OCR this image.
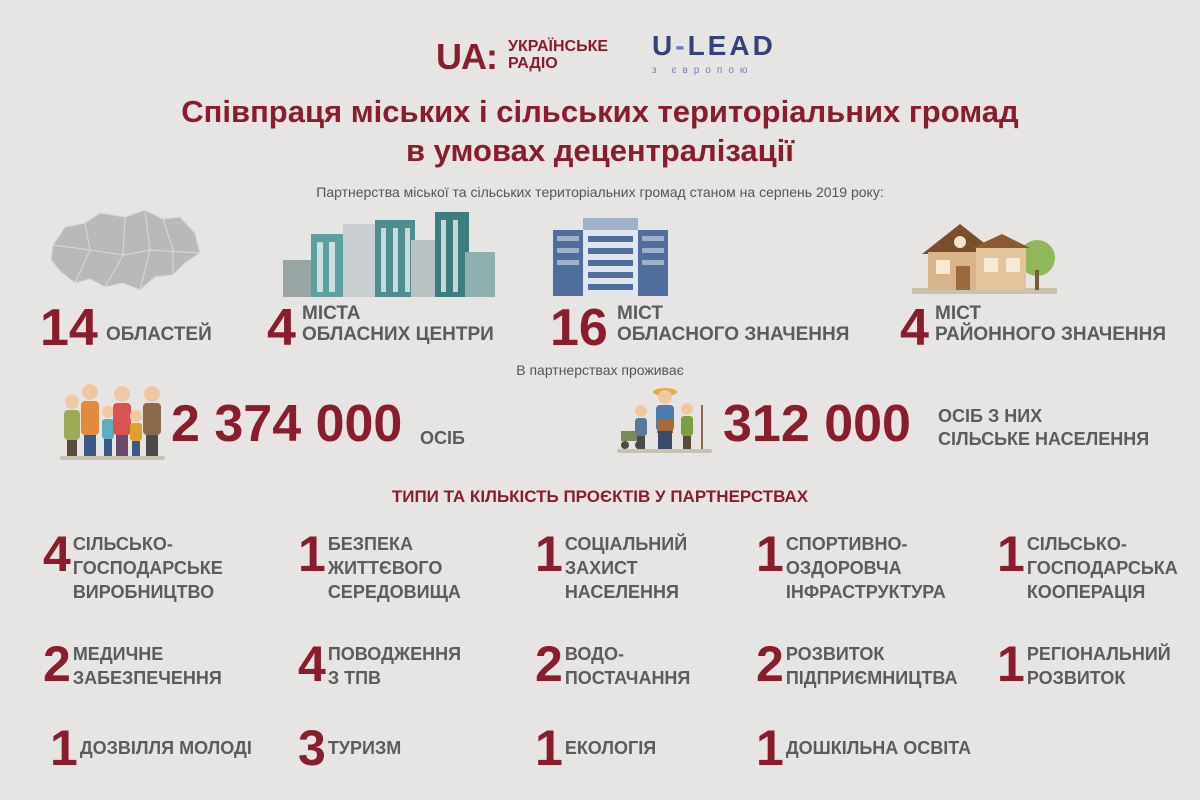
UA: УКРАЇНСЬКЕ
РАДІО
U-LEAD
з європою
Співпраця міських і сільських територіальних громад
в умовах децентралізації
Партнерства міської та сільських територіальних громад станом на серпень 2019 року:
14 ОБЛАСТЕЙ 4 МІСТА
ОБЛАСНИХ ЦЕНТРИ 16 МІСТ
ОБЛАСНОГО ЗНАЧЕННЯ 4 МІСТ
РАЙОННОГО ЗНАЧЕННЯ
В партнерствах проживає
2 374 000 ОСІБ	312 000 ОСІБ З НИХ
СІЛЬСЬКЕ НАСЕЛЕННЯ
ТИПИ ТА КІЛЬКІСТЬ ПРОЄКТІВ У ПАРТНЕРСТВАХ
4 СІЛЬСЬКО-
ГОСПОДАРСЬКЕ
ВИРОБНИЦТВО
1 БЕЗПЕКА
ЖИТТЄВОГО
СЕРЕДОВИЩА
1 СОЦІАЛЬНИЙ
ЗАХИСТ
НАСЕЛЕННЯ
1 СПОРТИВНО-
ОЗДОРОВЧА
ІНФРАСТРУКТУРА
1 СІЛЬСЬКО-
ГОСПОДАРСЬКА
КООПЕРАЦІЯ
2 МЕДИЧНЕ
ЗАБЕЗПЕЧЕННЯ 4 ПОВОДЖЕННЯ
З ТПВ	2 ВОДО-
ПОСТАЧАННЯ 2 РОЗВИТОК
ПІДПРИЄМНИЦТВА 1 РЕГІОНАЛЬНИЙ
РОЗВИТОК
1 ДОЗВІЛЛЯ МОЛОДІ 3 ТУРИЗМ	1 ЕКОЛОГІЯ 1 ДОШКІЛЬНА ОСВІТА
